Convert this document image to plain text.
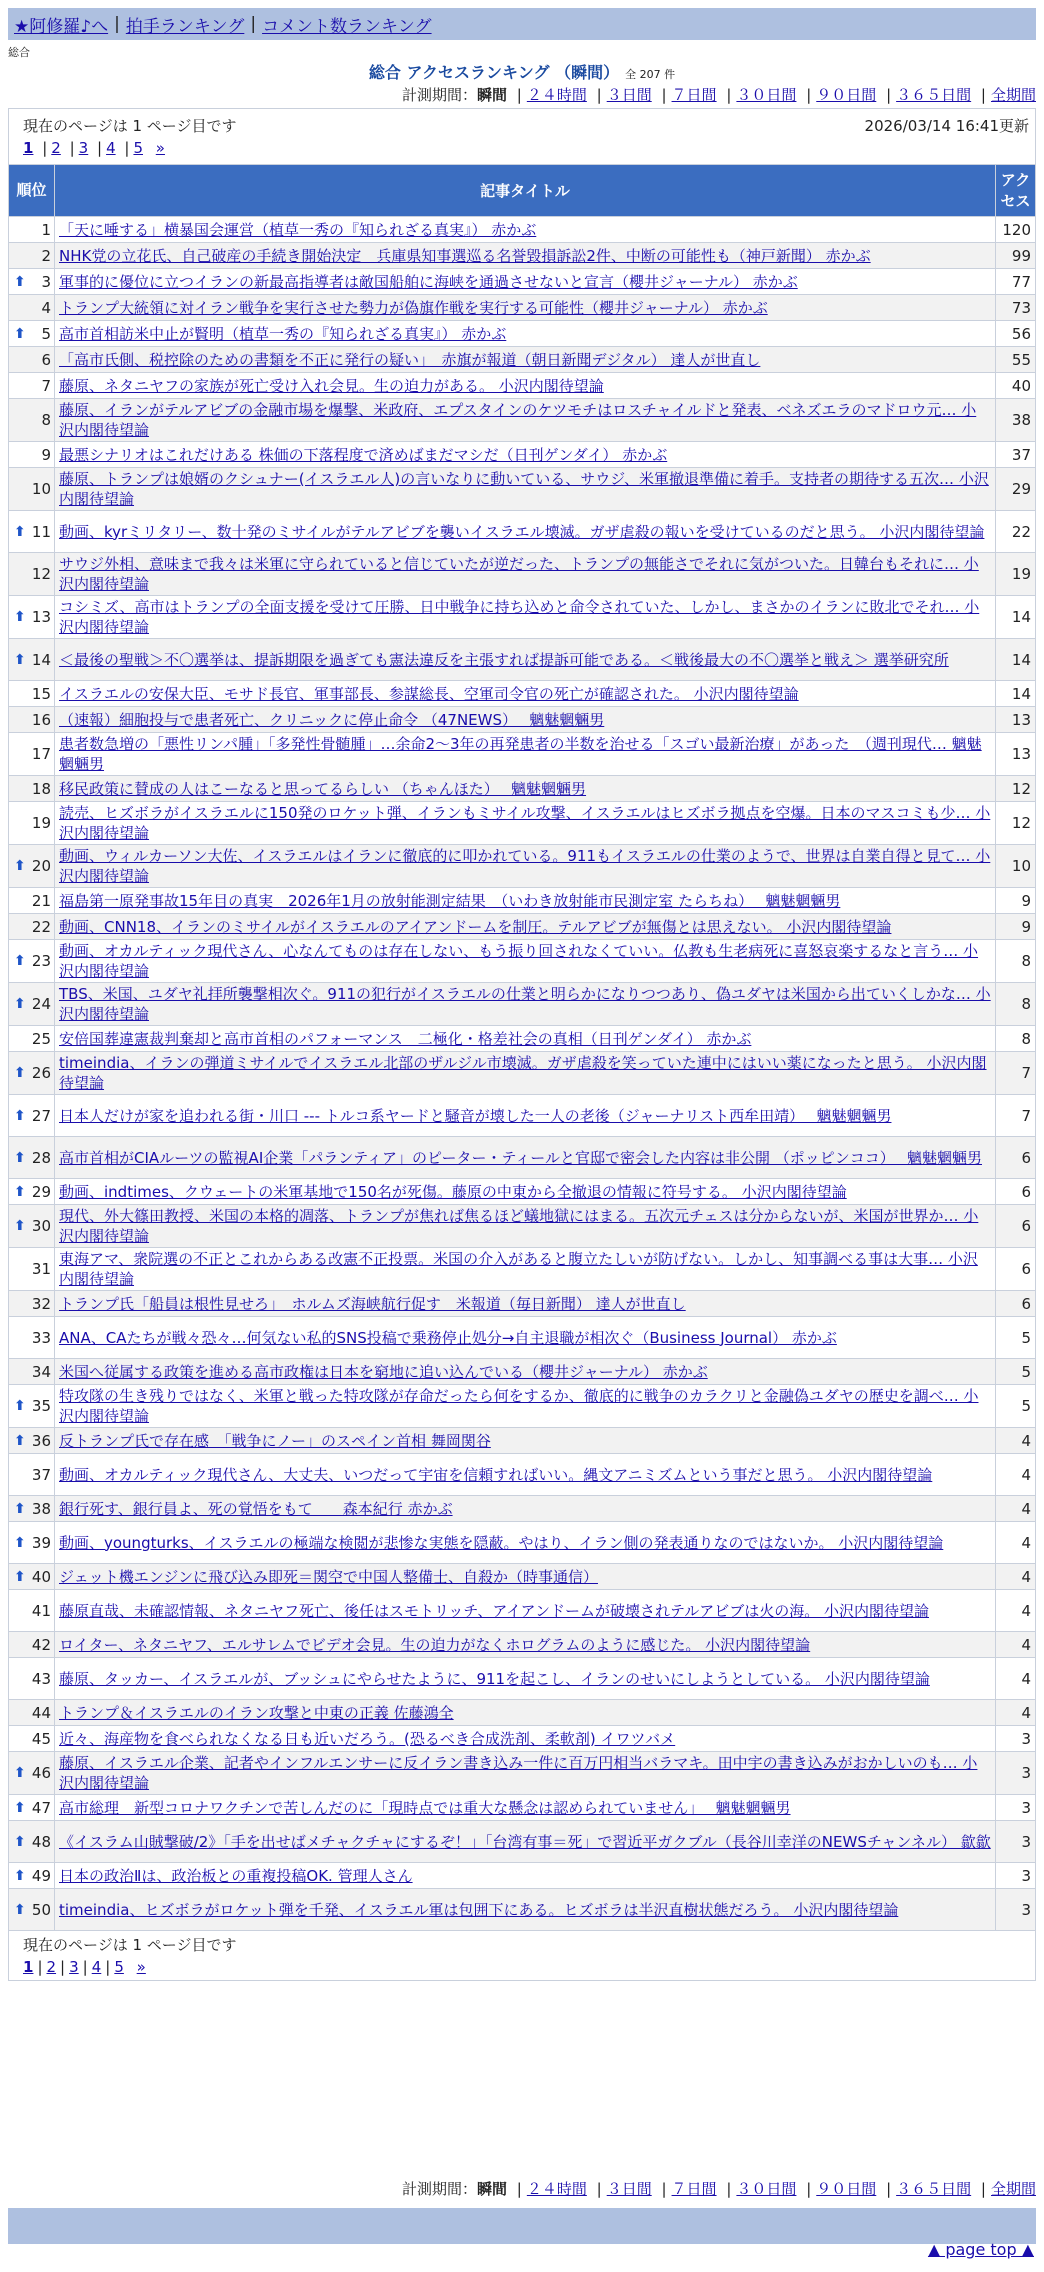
★阿修羅♪へ | 拍手ランキング | コメント数ランキング
総合
総合 アクセスランキング （瞬間） 全 207 件
計測期間：瞬間 | ２４時間 | ３日間 | ７日間 | ３０日間 | ９０日間 | ３６５日間 | 全期間
現在のページは 1 ページ目です 2026/03/14 16:41更新
1 | 2 | 3 | 4 | 5 »		

順位	記事タイトル	アクセス
1	「天に唾する」横暴国会運営（植草一秀の『知られざる真実』） 赤かぶ	120
2	NHK党の立花氏、自己破産の手続き開始決定　兵庫県知事選巡る名誉毀損訴訟2件、中断の可能性も（神戸新聞） 赤かぶ	99

⬆ 3	軍事的に優位に立つイランの新最高指導者は敵国船舶に海峡を通過させないと宣言（櫻井ジャーナル） 赤かぶ	77
4	トランプ大統領に対イラン戦争を実行させた勢力が偽旗作戦を実行する可能性（櫻井ジャーナル） 赤かぶ	73

⬆ 5	高市首相訪米中止が賢明（植草一秀の『知られざる真実』） 赤かぶ	56
6	「高市氏側、税控除のための書類を不正に発行の疑い」　赤旗が報道（朝日新聞デジタル） 達人が世直し	55
7	藤原、ネタニヤフの家族が死亡受け入れ会見。生の迫力がある。 小沢内閣待望論	40
8	藤原、イランがテルアビブの金融市場を爆撃、米政府、エプスタインのケツモチはロスチャイルドと発表、ベネズエラのマドロウ元… 小沢内閣待望論	38
9	最悪シナリオはこれだけある 株価の下落程度で済めばまだマシだ（日刊ゲンダイ） 赤かぶ	37
10	藤原、トランプは娘婿のクシュナー(イスラエル人)の言いなりに動いている、サウジ、米軍撤退準備に着手。支持者の期待する五次… 小沢内閣待望論	29

⬆ 11	動画、kyrミリタリー、数十発のミサイルがテルアビブを襲いイスラエル壊滅。ガザ虐殺の報いを受けているのだと思う。 小沢内閣待望論	22
12	サウジ外相、意味まで我々は米軍に守られていると信じていたが逆だった、トランプの無能さでそれに気がついた。日韓台もそれに… 小沢内閣待望論	19

⬆ 13	コシミズ、高市はトランプの全面支援を受けて圧勝、日中戦争に持ち込めと命令されていた、しかし、まさかのイランに敗北でそれ… 小沢内閣待望論	14

⬆ 14	＜最後の聖戦＞不〇選挙は、提訴期限を過ぎても憲法違反を主張すれば提訴可能である。＜戦後最大の不〇選挙と戦え＞ 選挙研究所	14
15	イスラエルの安保大臣、モサド長官、軍事部長、参謀総長、空軍司令官の死亡が確認された。 小沢内閣待望論	14
16	（速報）細胞投与で患者死亡、クリニックに停止命令 （47NEWS）　 魑魅魍魎男	13
17	患者数急増の「悪性リンパ腫」「多発性骨髄腫」…余命2～3年の再発患者の半数を治せる「スゴい最新治療」があった　（週刊現代… 魑魅魍魎男	13
18	移民政策に賛成の人はこーなると思ってるらしい （ちゃんほた）　 魑魅魍魎男	12
19	読売、ヒズボラがイスラエルに150発のロケット弾、イランもミサイル攻撃、イスラエルはヒズボラ拠点を空爆。日本のマスコミも少… 小沢内閣待望論	12

⬆ 20	動画、ウィルカーソン大佐、イスラエルはイランに徹底的に叩かれている。911もイスラエルの仕業のようで、世界は自業自得と見て… 小沢内閣待望論	10
21	福島第一原発事故15年目の真実　2026年1月の放射能測定結果　（いわき放射能市民測定室 たらちね）　 魑魅魍魎男	9
22	動画、CNN18、イランのミサイルがイスラエルのアイアンドームを制圧。テルアビブが無傷とは思えない。 小沢内閣待望論	9

⬆ 23	動画、オカルティック現代さん、心なんてものは存在しない、もう振り回されなくていい。仏教も生老病死に喜怒哀楽するなと言う… 小沢内閣待望論	8

⬆ 24	TBS、米国、ユダヤ礼拝所襲撃相次ぐ。911の犯行がイスラエルの仕業と明らかになりつつあり、偽ユダヤは米国から出ていくしかな… 小沢内閣待望論	8
25	安倍国葬違憲裁判棄却と高市首相のパフォーマンス　二極化・格差社会の真相（日刊ゲンダイ） 赤かぶ	8

⬆ 26	timeindia、イランの弾道ミサイルでイスラエル北部のザルジル市壊滅。ガザ虐殺を笑っていた連中にはいい薬になったと思う。 小沢内閣待望論	7

⬆ 27	日本人だけが家を追われる街・川口 --- トルコ系ヤードと騒音が壊した一人の老後（ジャーナリスト西牟田靖）　 魑魅魍魎男	7

⬆ 28	高市首相がCIAルーツの監視AI企業「パランティア」のピーター・ティールと官邸で密会した内容は非公開 （ポッピンココ）　 魑魅魍魎男	6

⬆ 29	動画、indtimes、クウェートの米軍基地で150名が死傷。藤原の中東から全撤退の情報に符号する。 小沢内閣待望論	6

⬆ 30	現代、外大篠田教授、米国の本格的凋落、トランプが焦れば焦るほど蟻地獄にはまる。五次元チェスは分からないが、米国が世界か… 小沢内閣待望論	6
31	東海アマ、衆院選の不正とこれからある改憲不正投票。米国の介入があると腹立たしいが防げない。しかし、知事調べる事は大事… 小沢内閣待望論	6
32	トランプ氏「船員は根性見せろ」　ホルムズ海峡航行促す　米報道（毎日新聞） 達人が世直し	6
33	ANA、CAたちが戦々恐々…何気ない私的SNS投稿で乗務停止処分→自主退職が相次ぐ（Business Journal） 赤かぶ	5
34	米国へ従属する政策を進める高市政権は日本を窮地に追い込んでいる（櫻井ジャーナル） 赤かぶ	5

⬆ 35	特攻隊の生き残りではなく、米軍と戦った特攻隊が存命だったら何をするか、徹底的に戦争のカラクリと金融偽ユダヤの歴史を調べ… 小沢内閣待望論	5

⬆ 36	反トランプ氏で存在感　「戦争にノー」のスペイン首相 舞岡関谷	4
37	動画、オカルティック現代さん、大丈夫、いつだって宇宙を信頼すればいい。縄文アニミズムという事だと思う。 小沢内閣待望論	4

⬆ 38	銀行死す、銀行員よ、死の覚悟をもて　　森本紀行 赤かぶ	4

⬆ 39	動画、youngturks、イスラエルの極端な検閲が悲惨な実態を隠蔽。やはり、イラン側の発表通りなのではないか。 小沢内閣待望論	4

⬆ 40	ジェット機エンジンに飛び込み即死＝関空で中国人整備士、自殺か（時事通信）	4
41	藤原直哉、未確認情報、ネタニヤフ死亡、後任はスモトリッチ、アイアンドームが破壊されテルアビブは火の海。 小沢内閣待望論	4
42	ロイター、ネタニヤフ、エルサレムでビデオ会見。生の迫力がなくホログラムのように感じた。 小沢内閣待望論	4
43	藤原、タッカー、イスラエルが、ブッシュにやらせたように、911を起こし、イランのせいにしようとしている。 小沢内閣待望論	4
44	トランプ＆イスラエルのイラン攻撃と中東の正義 佐藤鴻全	4
45	近々、海産物を食べられなくなる日も近いだろう。(恐るべき合成洗剤、柔軟剤) イワツバメ	3

⬆ 46	藤原、イスラエル企業、記者やインフルエンサーに反イラン書き込み一件に百万円相当バラマキ。田中宇の書き込みがおかしいのも… 小沢内閣待望論	3

⬆ 47	高市総理　新型コロナワクチンで苦しんだのに「現時点では重大な懸念は認められていません」　 魑魅魍魎男	3

⬆ 48	《イスラム山賊撃破/2》「手を出せばメチャクチャにするぞ！」「台湾有事＝死」で習近平ガクブル（長谷川幸洋のNEWSチャンネル） 歙歙	3

⬆ 49	日本の政治Ⅱは、政治板との重複投稿OK. 管理人さん	3

⬆ 50	timeindia、ヒズボラがロケット弾を千発、イスラエル軍は包囲下にある。ヒズボラは半沢直樹状態だろう。 小沢内閣待望論	3

現在のページは 1 ページ目です
1 | 2 | 3 | 4 | 5 »		
計測期間：瞬間 | ２４時間 | ３日間 | ７日間 | ３０日間 | ９０日間 | ３６５日間 | 全期間
▲ page top ▲
